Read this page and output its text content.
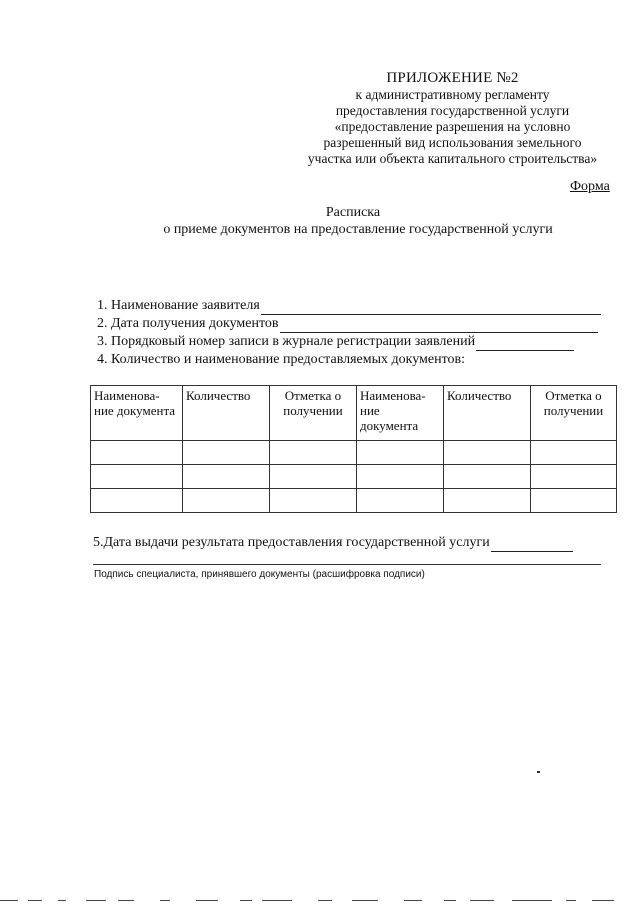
ПРИЛОЖЕНИЕ №2
к административному регламенту
предоставления государственной услуги
«предоставление разрешения на условно
разрешенный вид использования земельного
участка или объекта капитального строительства»
Форма
Расписка
о приеме документов на предоставление государственной услуги
1. Наименование заявителя
2. Дата получения документов
3. Порядковый номер записи в журнале регистрации заявлений
4. Количество и наименование предоставляемых документов:
Наименова-ние документа	Количество	Отметка о получении	Наименова-ние документа	Количество	Отметка о получении

5.Дата выдачи результата предоставления государственной услуги
Подпись специалиста, принявшего документы (расшифровка подписи)
